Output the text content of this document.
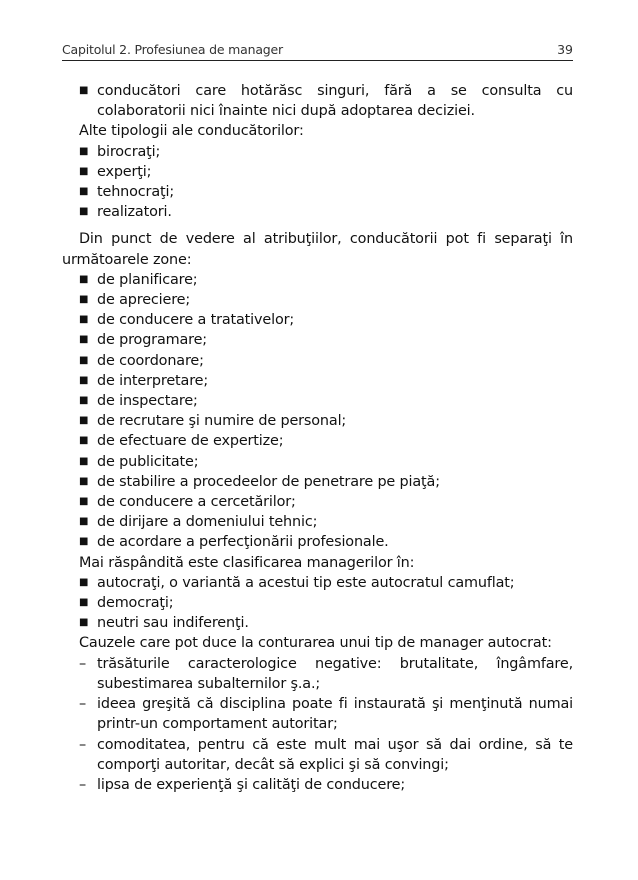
Capitolul 2. Profesiunea de manager	39

■ conducători care hotărăsc singuri, fără a se consulta cu colaboratorii nici înainte nici după adoptarea deciziei.

Alte tipologii ale conducătorilor:

■ birocraţi;

■ experţi;

■ tehnocraţi;

■ realizatori.

Din punct de vedere al atribuţiilor, conducătorii pot fi separaţi în următoarele zone:

■ de planificare;

■ de apreciere;

■ de conducere a tratativelor;

■ de programare;

■ de coordonare;

■ de interpretare;

■ de inspectare;

■ de recrutare şi numire de personal;

■ de efectuare de expertize;

■ de publicitate;

■ de stabilire a procedeelor de penetrare pe piaţă;

■ de conducere a cercetărilor;

■ de dirijare a domeniului tehnic;

■ de acordare a perfecţionării profesionale.

Mai răspândită este clasificarea managerilor în:

■ autocraţi, o variantă a acestui tip este autocratul camuflat;

■ democraţi;

■ neutri sau indiferenţi.

Cauzele care pot duce la conturarea unui tip de manager autocrat:

– trăsăturile caracterologice negative: brutalitate, îngâmfare, subestimarea subalternilor ş.a.;

– ideea greşită că disciplina poate fi instaurată şi menţinută numai printr-un comportament autoritar;

– comoditatea, pentru că este mult mai uşor să dai ordine, să te comporţi autoritar, decât să explici şi să convingi;

– lipsa de experienţă şi calităţi de conducere;
